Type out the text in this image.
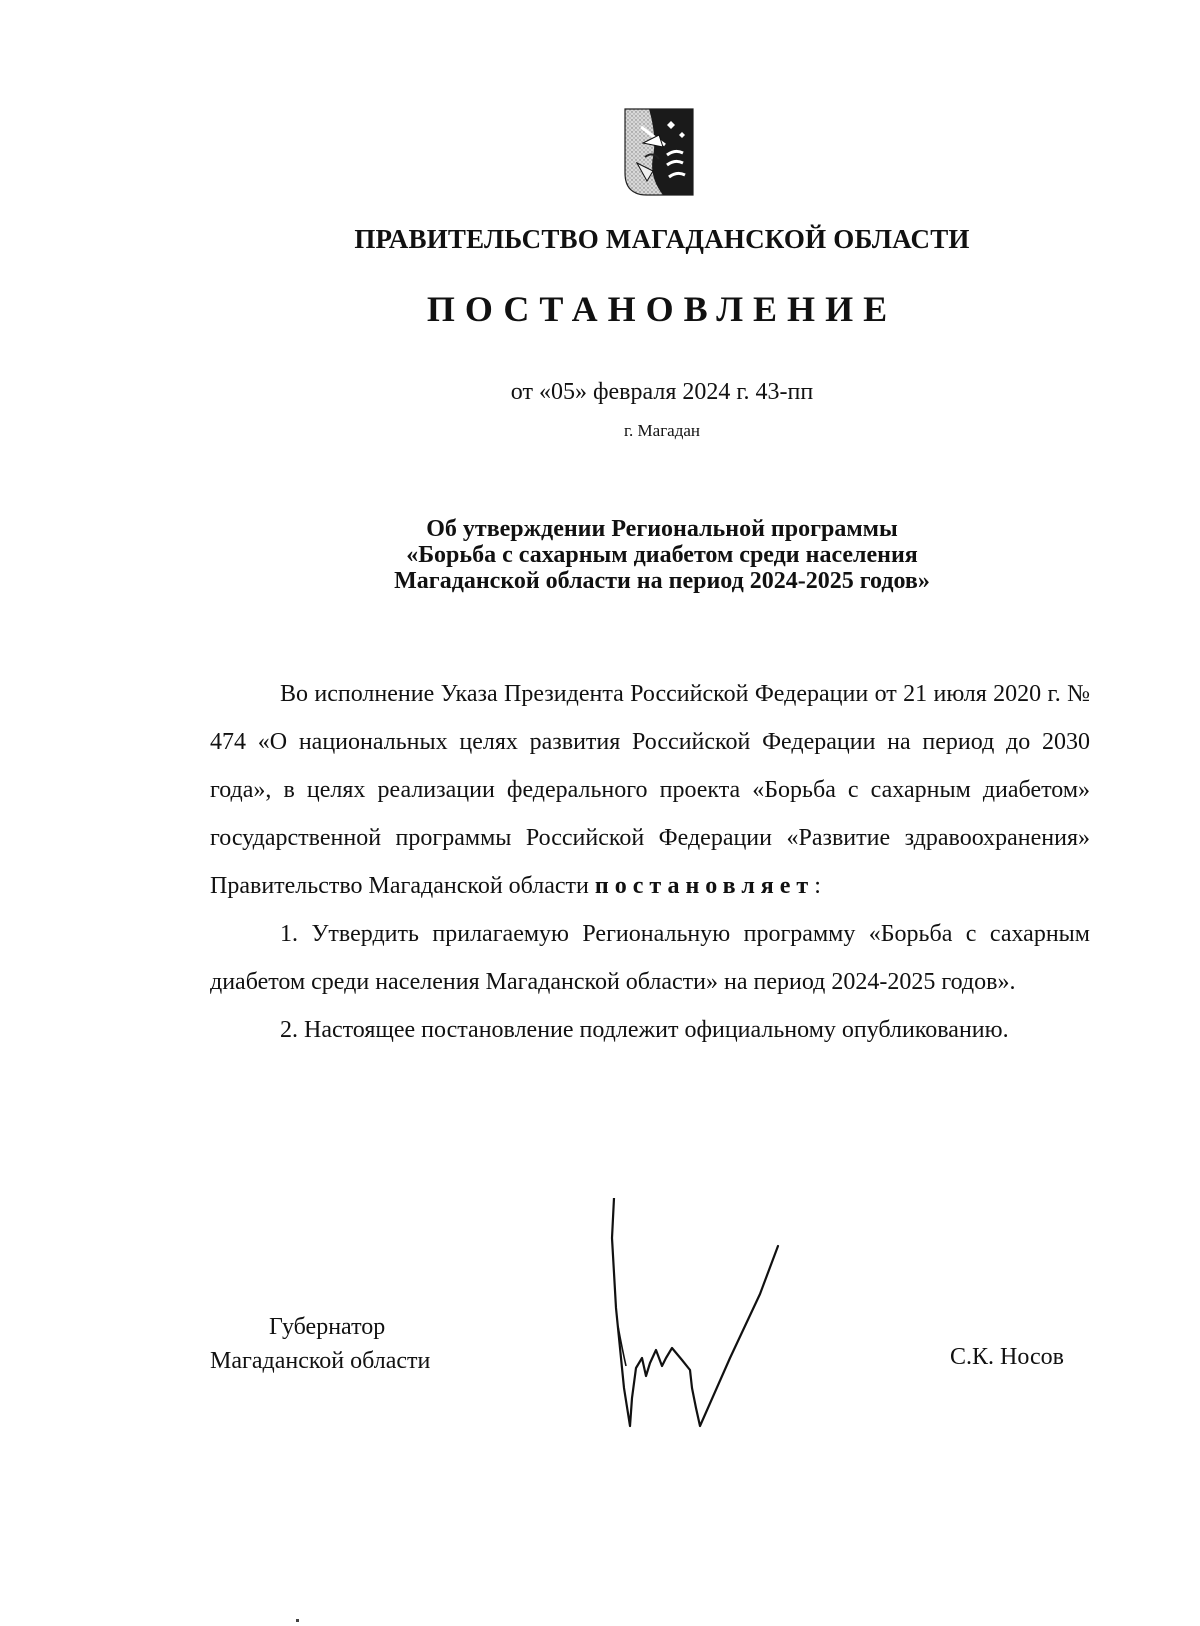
ПРАВИТЕЛЬСТВО МАГАДАНСКОЙ ОБЛАСТИ
ПОСТАНОВЛЕНИЕ
от «05» февраля 2024 г. 43-пп
г. Магадан
Об утверждении Региональной программы
«Борьба с сахарным диабетом среди населения
Магаданской области на период 2024-2025 годов»

Во исполнение Указа Президента Российской Федерации от 21 июля 2020 г. № 474 «О национальных целях развития Российской Федерации на период до 2030 года», в целях реализации федерального проекта «Борьба с сахарным диабетом» государственной программы Российской Федерации «Развитие здравоохранения» Правительство Магаданской области постановляет:

1. Утвердить прилагаемую Региональную программу «Борьба с сахарным диабетом среди населения Магаданской области» на период 2024-2025 годов».

2. Настоящее постановление подлежит официальному опубликованию.

Губернатор
Магаданской области	С.К. Носов
